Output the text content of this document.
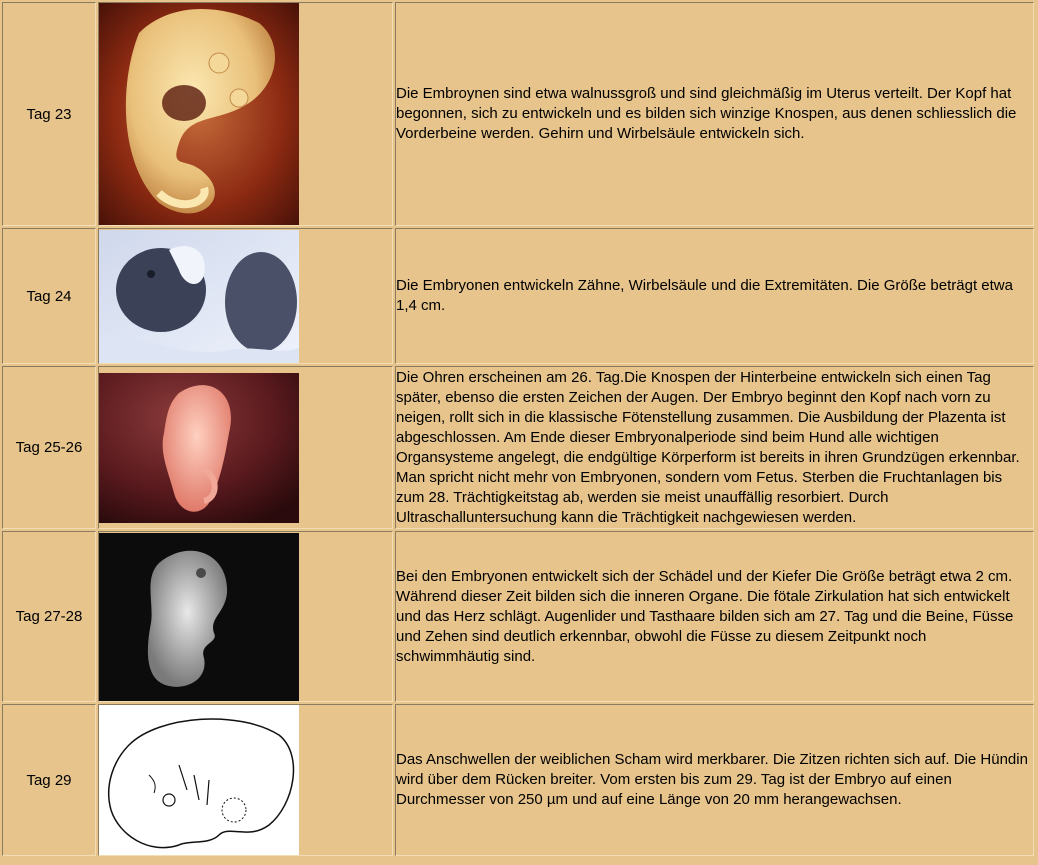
Tag 23		Die Embroynen sind etwa walnussgroß und sind gleichmäßig im Uterus verteilt. Der Kopf hat begonnen, sich zu entwickeln und es bilden sich winzige Knospen, aus denen schliesslich die Vorderbeine werden. Gehirn und Wirbelsäule entwickeln sich.
Tag 24		Die Embryonen entwickeln Zähne, Wirbelsäule und die Extremitäten. Die Größe beträgt etwa 1,4 cm.
Tag 25-26		Die Ohren erscheinen am 26. Tag.Die Knospen der Hinterbeine entwickeln sich einen Tag später, ebenso die ersten Zeichen der Augen. Der Embryo beginnt den Kopf nach vorn zu neigen, rollt sich in die klassische Fötenstellung zusammen. Die Ausbildung der Plazenta ist abgeschlossen. Am Ende dieser Embryonalperiode sind beim Hund alle wichtigen Organsysteme angelegt, die endgültige Körperform ist bereits in ihren Grundzügen erkennbar. Man spricht nicht mehr von Embryonen, sondern vom Fetus. Sterben die Fruchtanlagen bis zum 28. Trächtigkeitstag ab, werden sie meist unauffällig resorbiert. Durch Ultraschalluntersuchung kann die Trächtigkeit nachgewiesen werden.
Tag 27-28		Bei den Embryonen entwickelt sich der Schädel und der Kiefer Die Größe beträgt etwa 2 cm. Während dieser Zeit bilden sich die inneren Organe. Die fötale Zirkulation hat sich entwickelt und das Herz schlägt. Augenlider und Tasthaare bilden sich am 27. Tag und die Beine, Füsse und Zehen sind deutlich erkennbar, obwohl die Füsse zu diesem Zeitpunkt noch schwimmhäutig sind.
Tag 29		Das Anschwellen der weiblichen Scham wird merkbarer. Die Zitzen richten sich auf. Die Hündin wird über dem Rücken breiter. Vom ersten bis zum 29. Tag ist der Embryo auf einen Durchmesser von 250 µm und auf eine Länge von 20 mm herangewachsen.
